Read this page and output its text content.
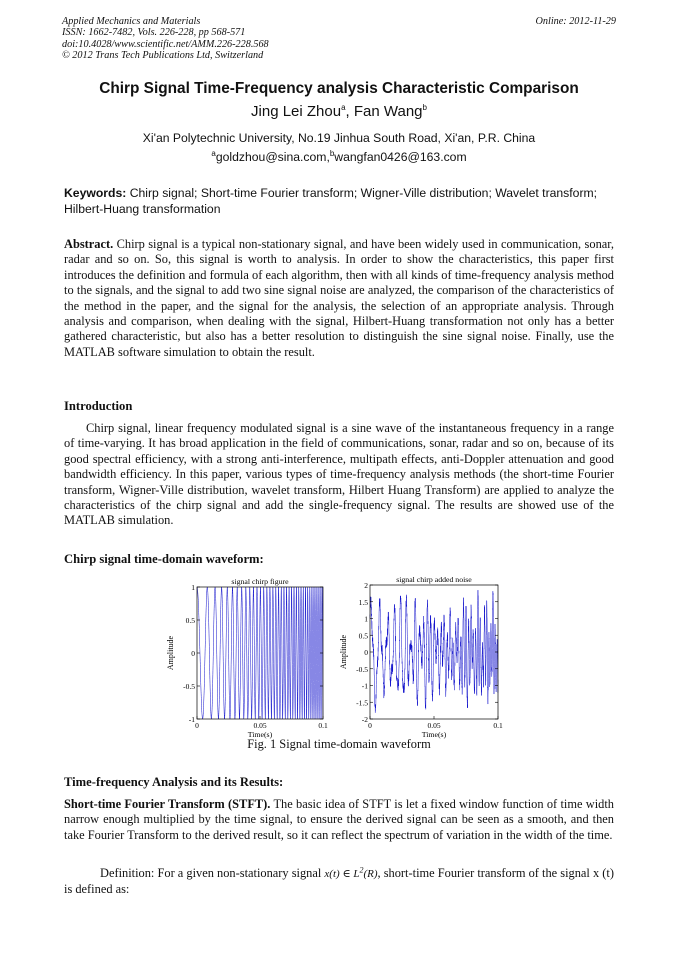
Applied Mechanics and Materials
ISSN: 1662-7482, Vols. 226-228, pp 568-571
doi:10.4028/www.scientific.net/AMM.226-228.568
© 2012 Trans Tech Publications Ltd, Switzerland
Online: 2012-11-29
Chirp Signal Time-Frequency analysis Characteristic Comparison
Jing Lei Zhou$^a$, Fan Wang$^b$
Xi'an Polytechnic University, No.19 Jinhua South Road, Xi'an, P.R. China
$^a$goldzhou@sina.com,$^b$wangfan0426@163.com
Keywords: Chirp signal; Short-time Fourier transform; Wigner-Ville distribution; Wavelet transform; Hilbert-Huang transformation

Abstract. Chirp signal is a typical non-stationary signal, and have been widely used in communication, sonar, radar and so on. So, this signal is worth to analysis. In order to show the characteristics, this paper first introduces the definition and formula of each algorithm, then with all kinds of time-frequency analysis method to the signals, and the signal to add two sine signal noise are analyzed, the comparison of the characteristics of the method in the paper, and the signal for the analysis, the selection of an appropriate analysis. Through analysis and comparison, when dealing with the signal, Hilbert-Huang transformation not only has a better gathered characteristic, but also has a better resolution to distinguish the sine signal noise. Finally, use the MATLAB software simulation to obtain the result.

Introduction

Chirp signal, linear frequency modulated signal is a sine wave of the instantaneous frequency in a range of time-varying. It has broad application in the field of communications, sonar, radar and so on, because of its good spectral efficiency, with a strong anti-interference, multipath effects, anti-Doppler attenuation and good bandwidth efficiency. In this paper, various types of time-frequency analysis methods (the short-time Fourier transform, Wigner-Ville distribution, wavelet transform, Hilbert Huang Transform) are applied to analyze the characteristics of the chirp signal and add the single-frequency signal. The results are showed use of the MATLAB simulation.

Chirp signal time-domain waveform:
1
0.5
0
-0.5
-1
0	0.05	0.1
signal chirp figure
Time(s)
Amplitude
2
1.5
1
0.5
0
-0.5
-1
-1.5
-2
0	0.05	0.1
signal chirp added noise
Time(s)
Amplitude
Fig. 1 Signal time-domain waveform
Time-frequency Analysis and its Results:

Short-time Fourier Transform (STFT). The basic idea of STFT is let a fixed window function of time width narrow enough multiplied by the time signal, to ensure the derived signal can be seen as a smooth, and then take Fourier Transform to the derived result, so it can reflect the spectrum of variation in the width of the time.

Definition: For a given non-stationary signal x(t) ∈ $L^2(R)$, short-time Fourier transform of the signal x (t) is defined as:
